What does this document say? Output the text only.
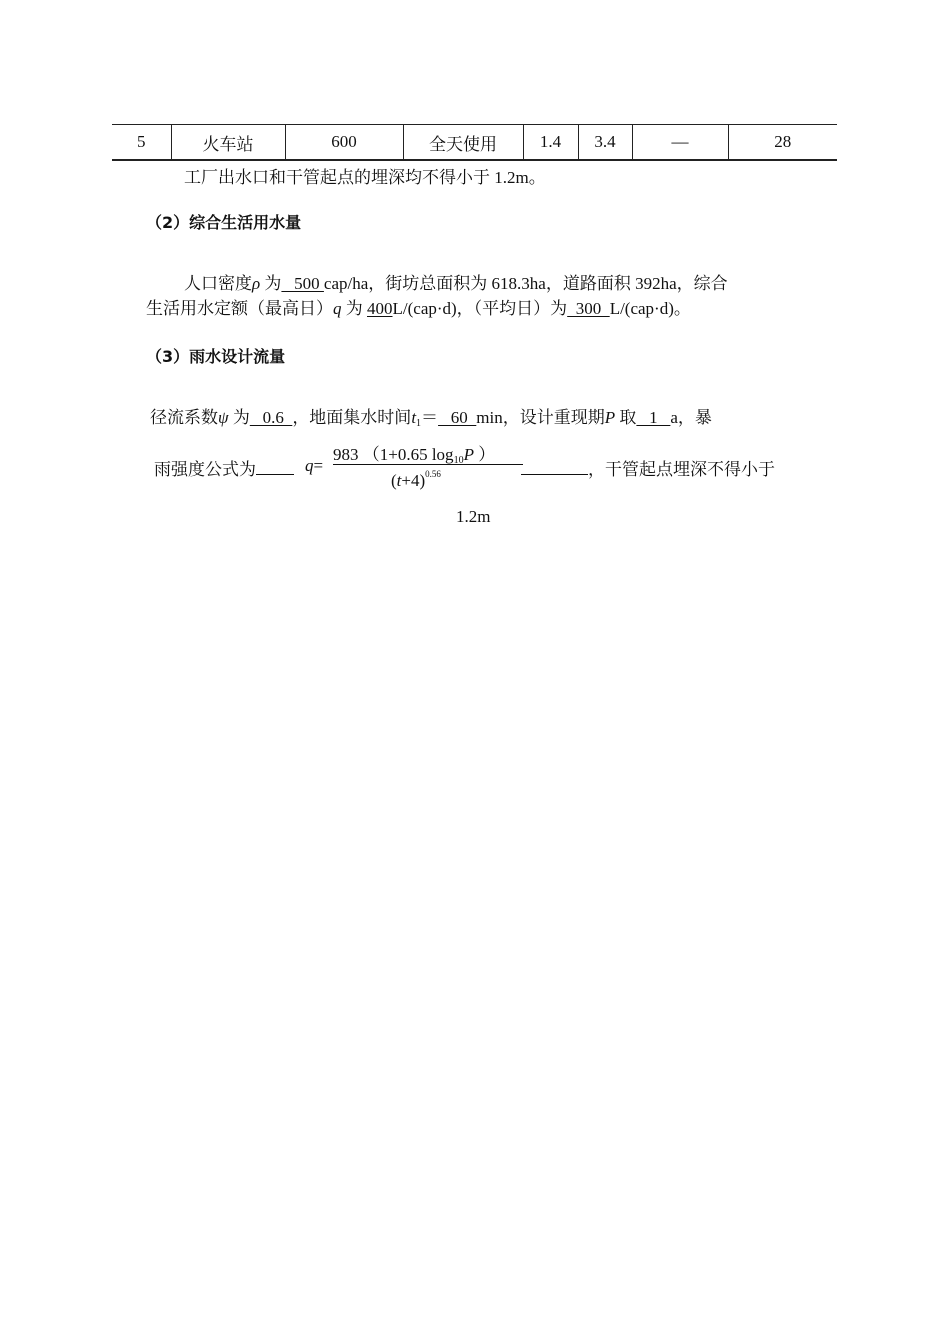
5	火车站	600	全天使用	1.4	3.4	—	28
工厂出水口和干管起点的埋深均不得小于 1.2m。
（2）综合生活用水量
人口密度ρ 为   500 cap/ha，街坊总面积为 618.3ha，道路面积 392ha，综合
生活用水定额（最高日）q 为 400L/(cap·d)，（平均日）为  300  L/(cap·d)。
（3）雨水设计流量
径流系数ψ 为   0.6  ，地面集水时间$t_1= 60$  min，设计重现期P 取   1   a，暴
雨强度公式为	q=
983 （1+0.65 $\log_{10}P$ ）
$(t+4)^{0.56}$	，干管起点埋深不得小于
1.2m
